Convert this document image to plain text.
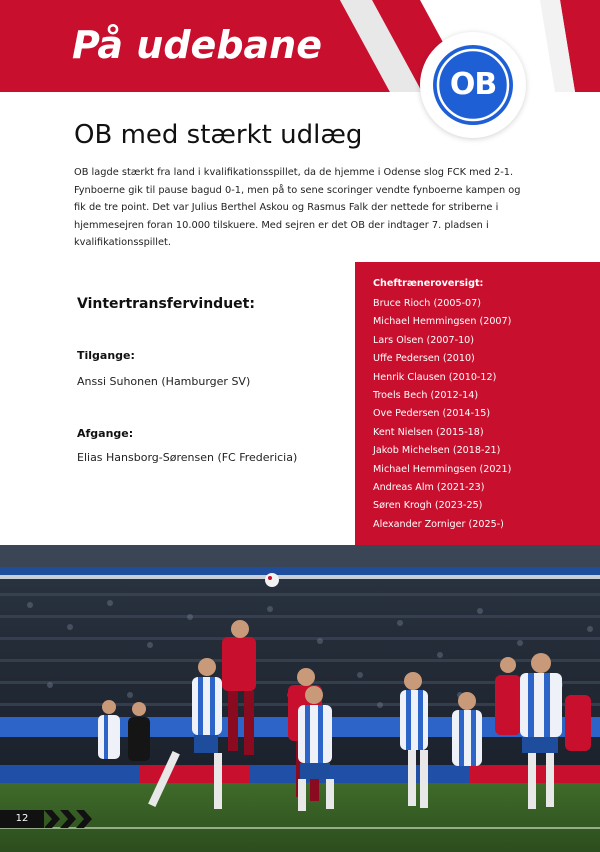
På udebane
OB
OB med stærkt udlæg
OB lagde stærkt fra land i kvalifikationsspillet, da de hjemme i Odense slog FCK med 2-1. Fynboerne gik til pause bagud 0-1, men på to sene scoringer vendte fynboerne kampen og fik de tre point. Det var Julius Berthel Askou og Rasmus Falk der nettede for striberne i hjemmesejren foran 10.000 tilskuere. Med sejren er det OB der indtager 7. pladsen i kvalifikationsspillet.
Vintertransfervinduet:
Tilgange:
Anssi Suhonen (Hamburger SV)
Afgange:
Elias Hansborg-Sørensen (FC Fredericia)
Cheftræneroversigt:
Bruce Rioch (2005-07)
Michael Hemmingsen (2007)
Lars Olsen (2007-10)
Uffe Pedersen (2010)
Henrik Clausen (2010-12)
Troels Bech (2012-14)
Ove Pedersen (2014-15)
Kent Nielsen (2015-18)
Jakob Michelsen (2018-21)
Michael Hemmingsen (2021)
Andreas Alm (2021-23)
Søren Krogh (2023-25)
Alexander Zorniger (2025-)
12
